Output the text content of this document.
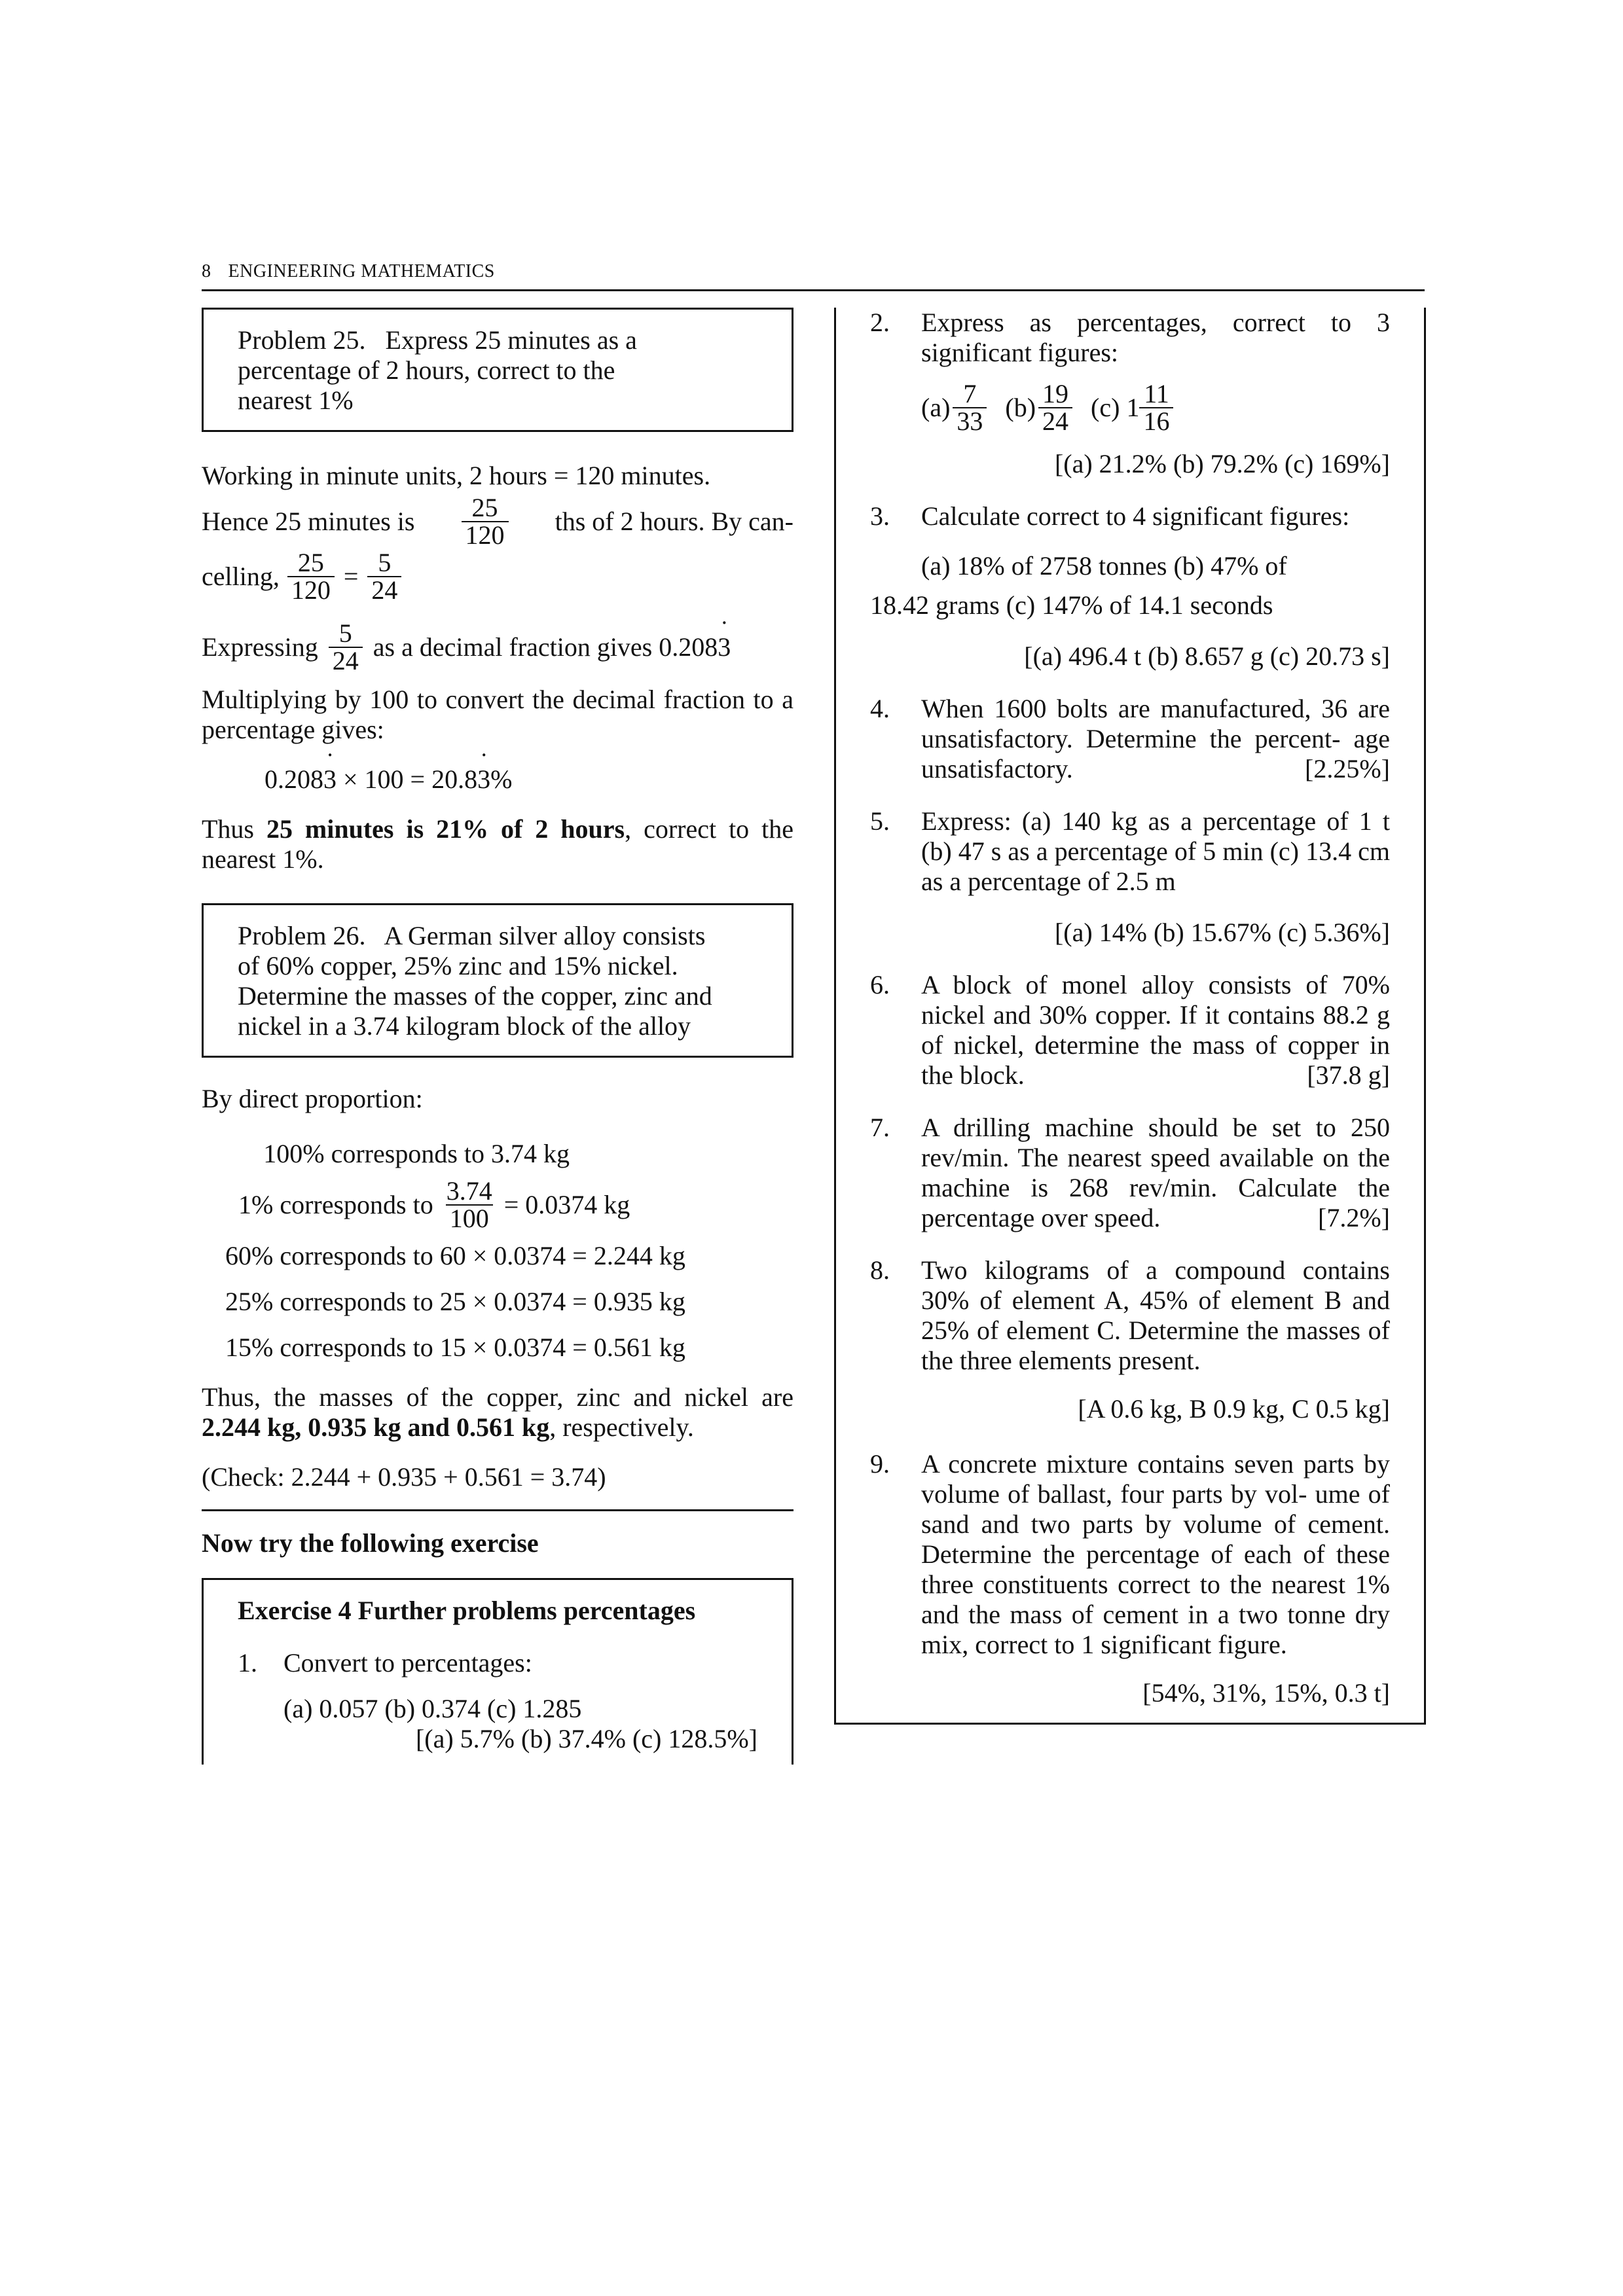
8 ENGINEERING MATHEMATICS

Problem 25. Express 25 minutes as a

percentage of 2 hours, correct to the

nearest 1%

Working in minute units, 2 hours = 120 minutes.

Hence 25 minutes is $\frac{25}{120}$ ths of 2 hours. By can-
celling, $\frac{25}{120} = \frac{5}{24}$
Expressing $\frac{5}{24}$ as a decimal fraction gives 0.208˙ 3

Multiplying by 100 to convert the decimal fraction to a percentage gives:

0.208˙ 3 × 100 = 20.8˙ 3%

Thus 25 minutes is 21% of 2 hours, correct to the nearest 1%.

Problem 26. A German silver alloy consists

of 60% copper, 25% zinc and 15% nickel.

Determine the masses of the copper, zinc and

nickel in a 3.74 kilogram block of the alloy

By direct proportion:

100% corresponds to 3.74 kg

1% corresponds to $\frac{3.74}{100} = 0.0374$ kg

60% corresponds to 60 × 0.0374 = 2.244 kg

25% corresponds to 25 × 0.0374 = 0.935 kg

15% corresponds to 15 × 0.0374 = 0.561 kg

Thus, the masses of the copper, zinc and nickel are 2.244 kg, 0.935 kg and 0.561 kg, respectively.

(Check: 2.244 + 0.935 + 0.561 = 3.74)

Now try the following exercise

Exercise 4 Further problems percentages

1.	Convert to percentages:

(a) 0.057 (b) 0.374 (c) 1.285

[(a) 5.7% (b) 37.4% (c) 128.5%]

2.	Express as percentages, correct to 3 significant figures:
$(a) \frac{7}{33} (b) \frac{19}{24} (c)$ $1 \frac{11}{16}$

[(a) 21.2% (b) 79.2% (c) 169%]

3.	Calculate correct to 4 significant figures:

(a) 18% of 2758 tonnes (b) 47% of

18.42 grams (c) 147% of 14.1 seconds

[(a) 496.4 t (b) 8.657 g (c) 20.73 s]

4.	When 1600 bolts are manufactured, 36 are unsatisfactory. Determine the percent- age unsatisfactory.	[2.25%]
5.	Express: (a) 140 kg as a percentage of 1 t (b) 47 s as a percentage of 5 min (c) 13.4 cm as a percentage of 2.5 m

[(a) 14% (b) 15.67% (c) 5.36%]

6.	A block of monel alloy consists of 70% nickel and 30% copper. If it contains 88.2 g of nickel, determine the mass of copper in the block.	[37.8 g]
7.	A drilling machine should be set to 250 rev/min. The nearest speed available on the machine is 268 rev/min. Calculate the percentage over speed.	[7.2%]
8.	Two kilograms of a compound contains 30% of element A, 45% of element B and 25% of element C. Determine the masses of the three elements present.

[A 0.6 kg, B 0.9 kg, C 0.5 kg]

9.	A concrete mixture contains seven parts by volume of ballast, four parts by vol- ume of sand and two parts by volume of cement. Determine the percentage of each of these three constituents correct to the nearest 1% and the mass of cement in a two tonne dry mix, correct to 1 significant figure.

[54%, 31%, 15%, 0.3 t]
